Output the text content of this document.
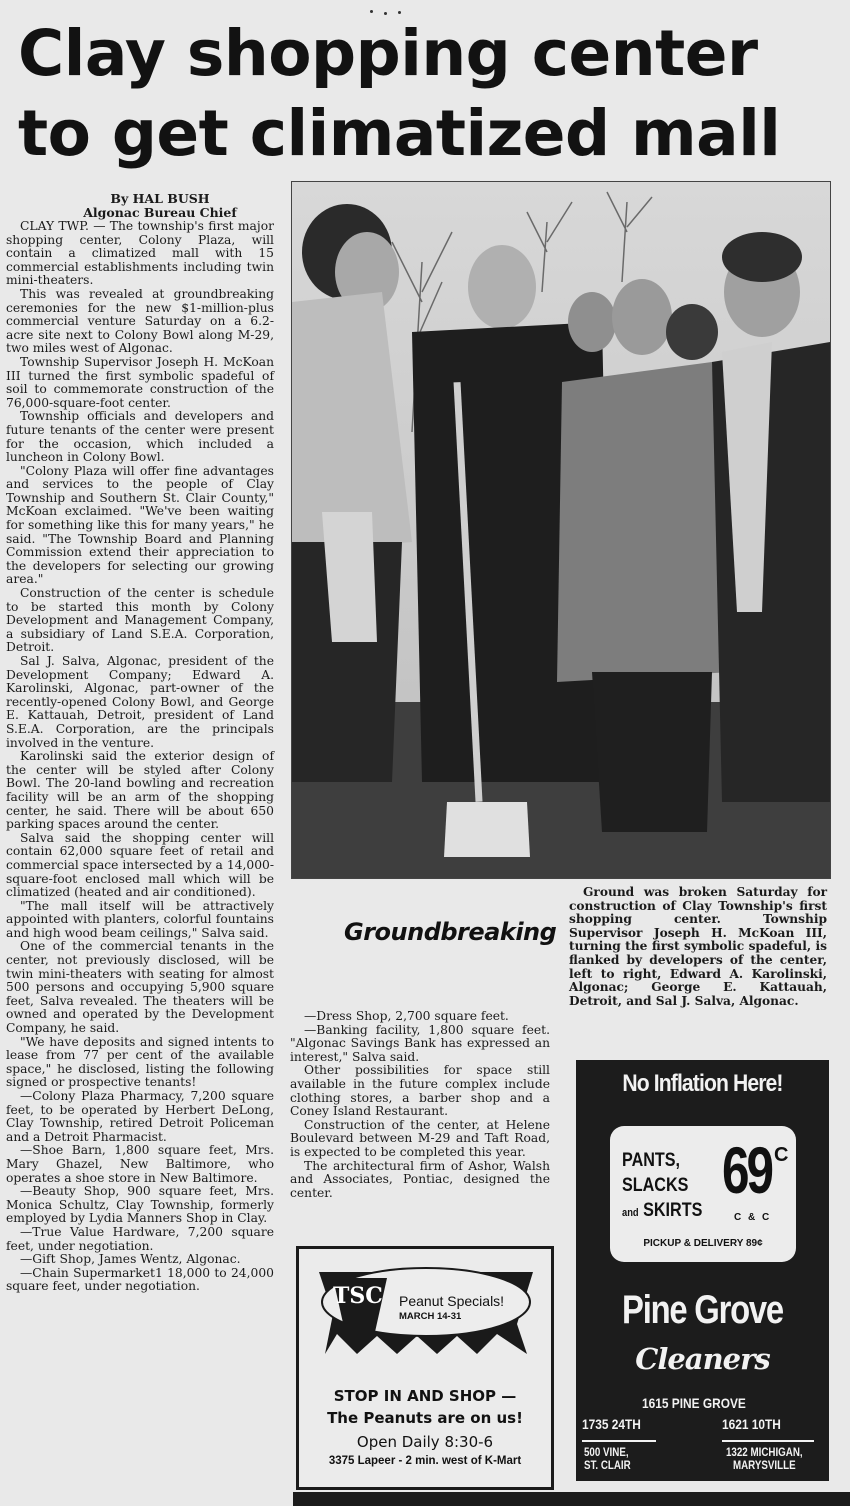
Clay shopping center
to get climatized mall
By HAL BUSH
Algonac Bureau Chief

CLAY TWP. — The township's first major shopping center, Colony Plaza, will contain a climatized mall with 15 commercial establishments including twin mini-theaters.

This was revealed at groundbreaking ceremonies for the new $1-million-plus commercial venture Saturday on a 6.2-acre site next to Colony Bowl along M-29, two miles west of Algonac.

Township Supervisor Joseph H. McKoan III turned the first symbolic spadeful of soil to commemorate construction of the 76,000-square-foot center.

Township officials and developers and future tenants of the center were present for the occasion, which included a luncheon in Colony Bowl.

"Colony Plaza will offer fine advantages and services to the people of Clay Township and Southern St. Clair County," McKoan exclaimed. "We've been waiting for something like this for many years," he said. "The Township Board and Planning Commission extend their appreciation to the developers for selecting our growing area."

Construction of the center is schedule to be started this month by Colony Development and Management Company, a subsidiary of Land S.E.A. Corporation, Detroit.

Sal J. Salva, Algonac, president of the Development Company; Edward A. Karolinski, Algonac, part-owner of the recently-opened Colony Bowl, and George E. Kattauah, Detroit, president of Land S.E.A. Corporation, are the principals involved in the venture.

Karolinski said the exterior design of the center will be styled after Colony Bowl. The 20-land bowling and recreation facility will be an arm of the shopping center, he said. There will be about 650 parking spaces around the center.

Salva said the shopping center will contain 62,000 square feet of retail and commercial space intersected by a 14,000-square-foot enclosed mall which will be climatized (heated and air conditioned).

"The mall itself will be attractively appointed with planters, colorful fountains and high wood beam ceilings," Salva said.

One of the commercial tenants in the center, not previously disclosed, will be twin mini-theaters with seating for almost 500 persons and occupying 5,900 square feet, Salva revealed. The theaters will be owned and operated by the Development Company, he said.

"We have deposits and signed intents to lease from 77 per cent of the available space," he disclosed, listing the following signed or prospective tenants!

—Colony Plaza Pharmacy, 7,200 square feet, to be operated by Herbert DeLong, Clay Township, retired Detroit Policeman and a Detroit Pharmacist.

—Shoe Barn, 1,800 square feet, Mrs. Mary Ghazel, New Baltimore, who operates a shoe store in New Baltimore.

—Beauty Shop, 900 square feet, Mrs. Monica Schultz, Clay Township, formerly employed by Lydia Manners Shop in Clay.

—True Value Hardware, 7,200 square feet, under negotiation.

—Gift Shop, James Wentz, Algonac.

—Chain Supermarket1 18,000 to 24,000 square feet, under negotiation.

Groundbreaking
Ground was broken Saturday for construction of Clay Township's first shopping center. Township Supervisor Joseph H. McKoan III, turning the first symbolic spadeful, is flanked by developers of the center, left to right, Edward A. Karolinski, Algonac; George E. Kattauah, Detroit, and Sal J. Salva, Algonac.

—Dress Shop, 2,700 square feet.

—Banking facility, 1,800 square feet. "Algonac Savings Bank has expressed an interest," Salva said.

Other possibilities for space still available in the future complex include clothing stores, a barber shop and a Coney Island Restaurant.

Construction of the center, at Helene Boulevard between M-29 and Taft Road, is expected to be completed this year.

The architectural firm of Ashor, Walsh and Associates, Pontiac, designed the center.

TSC Peanut Specials!
MARCH 14-31
STOP IN AND SHOP —
The Peanuts are on us!
Open Daily 8:30-6
3375 Lapeer - 2 min. west of K-Mart
No Inflation Here!
PANTS,
SLACKS
and SKIRTS
69 C
C & C
PICKUP & DELIVERY 89¢
Pine Grove
Cleaners
1615 PINE GROVE
1735 24TH	1621 10TH
500 VINE,
ST. CLAIR
1322 MICHIGAN,
MARYSVILLE
